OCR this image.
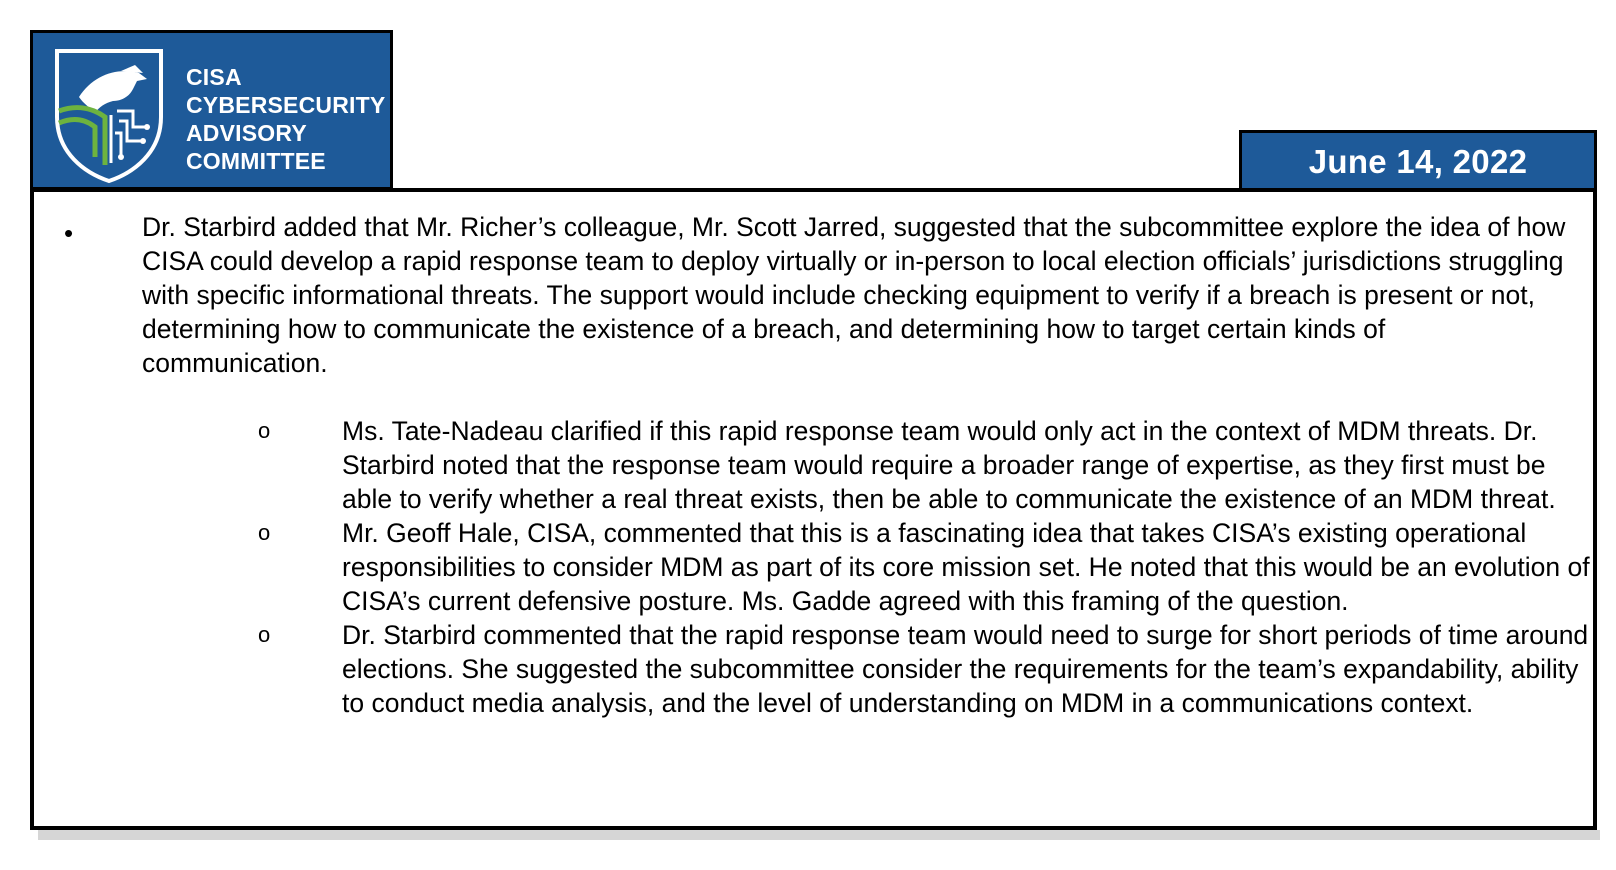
CISA
CYBERSECURITY
ADVISORY
COMMITTEE	June 14, 2022
•	Dr. Starbird added that Mr. Richer’s colleague, Mr. Scott Jarred, suggested that the subcommittee explore the idea of how CISA could develop a rapid response team to deploy virtually or in-person to local election officials’ jurisdictions struggling with specific informational threats. The support would include checking equipment to verify if a breach is present or not, determining how to communicate the existence of a breach, and determining how to target certain kinds of communication.
o	Ms. Tate-Nadeau clarified if this rapid response team would only act in the context of MDM threats. Dr. Starbird noted that the response team would require a broader range of expertise, as they first must be able to verify whether a real threat exists, then be able to communicate the existence of an MDM threat.
o	Mr. Geoff Hale, CISA, commented that this is a fascinating idea that takes CISA’s existing operational responsibilities to consider MDM as part of its core mission set. He noted that this would be an evolution of CISA’s current defensive posture. Ms. Gadde agreed with this framing of the question.
o	Dr. Starbird commented that the rapid response team would need to surge for short periods of time around elections. She suggested the subcommittee consider the requirements for the team’s expandability, ability to conduct media analysis, and the level of understanding on MDM in a communications context.
